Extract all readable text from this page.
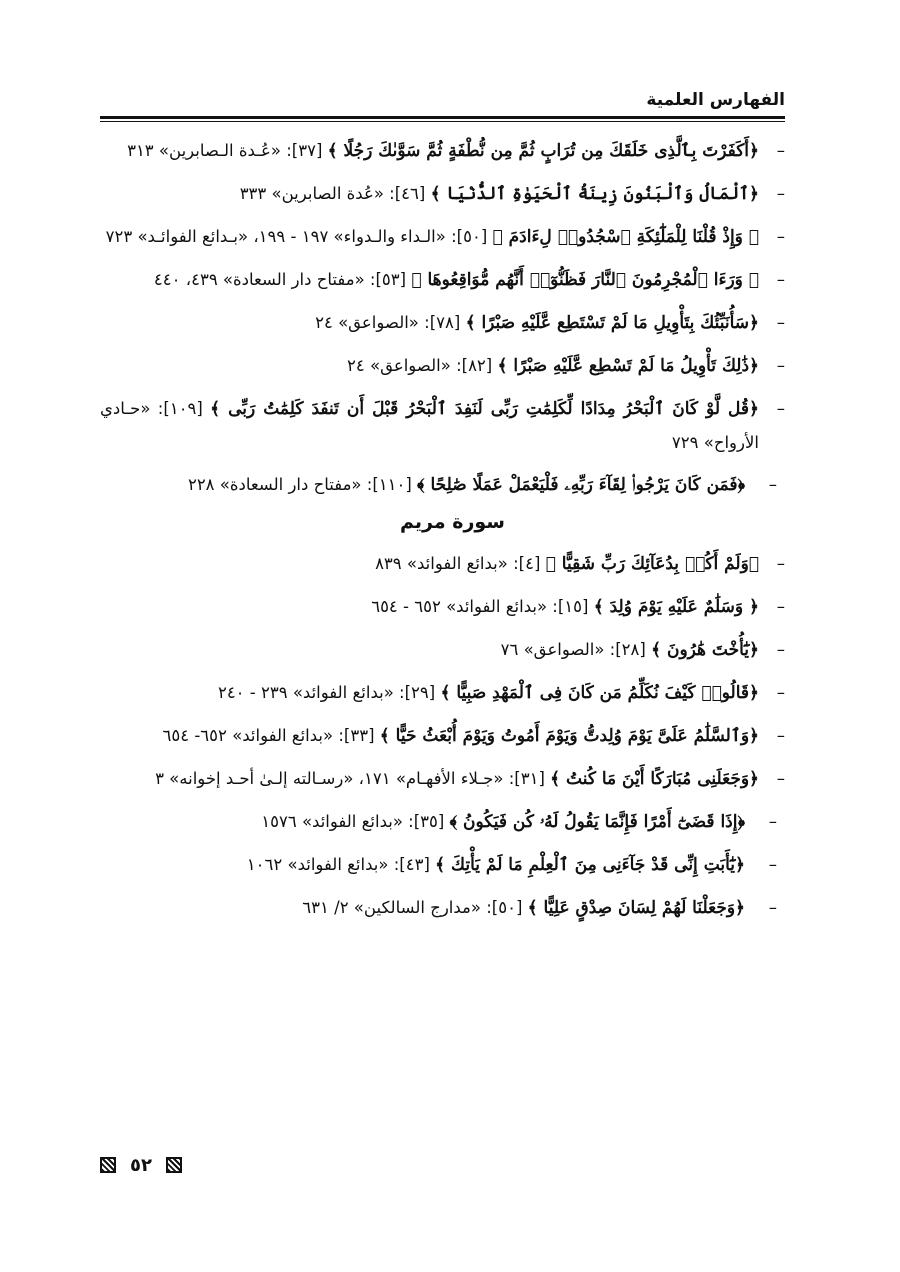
الفهارس العلمية
–
﴿أَكَفَرْتَ بِٱلَّذِى خَلَقَكَ مِن تُرَابٍ ثُمَّ مِن نُّطْفَةٍ ثُمَّ سَوَّىٰكَ رَجُلًا ﴾ [٣٧]: «عُـدة الـصابرين» ٣١٣
–
﴿ٱلْمَالُ وَٱلْبَنُونَ زِينَةُ ٱلْحَيَوٰةِ ٱلدُّنْيَا ﴾ [٤٦]: «عُدة الصابرين» ٣٣٣
–
﴿ وَإِذْ قُلْنَا لِلْمَلَٰٓئِكَةِ ٱسْجُدُوا۟ لِءَادَمَ ﴾ [٥٠]: «الـداء والـدواء» ١٩٧ - ١٩٩، «بـدائع الفوائـد» ٧٢٣
–
﴿ وَرَءَا ٱلْمُجْرِمُونَ ٱلنَّارَ فَظَنُّوٓا۟ أَنَّهُم مُّوَاقِعُوهَا ﴾ [٥٣]: «مفتاح دار السعادة» ٤٣٩، ٤٤٠
–
﴿سَأُنَبِّئُكَ بِتَأْوِيلِ مَا لَمْ تَسْتَطِع عَّلَيْهِ صَبْرًا ﴾ [٧٨]: «الصواعق» ٢٤
–
﴿ذَٰلِكَ تَأْوِيلُ مَا لَمْ تَسْطِع عَّلَيْهِ صَبْرًا ﴾ [٨٢]: «الصواعق» ٢٤
–
﴿قُل لَّوْ كَانَ ٱلْبَحْرُ مِدَادًا لِّكَلِمَٰتِ رَبِّى لَنَفِدَ ٱلْبَحْرُ قَبْلَ أَن تَنفَدَ كَلِمَٰتُ رَبِّى ﴾ [١٠٩]: «حـادي الأرواح» ٧٢٩
–
﴿فَمَن كَانَ يَرْجُوا۟ لِقَآءَ رَبِّهِۦ فَلْيَعْمَلْ عَمَلًا صَٰلِحًا ﴾ [١١٠]: «مفتاح دار السعادة» ٢٢٨
سورة مريم
–
﴿وَلَمْ أَكُنۢ بِدُعَآئِكَ رَبِّ شَقِيًّا ﴾ [٤]: «بدائع الفوائد» ٨٣٩
–
﴿ وَسَلَٰمٌ عَلَيْهِ يَوْمَ وُلِدَ ﴾ [١٥]: «بدائع الفوائد» ٦٥٢ - ٦٥٤
–
﴿يَٰٓأُخْتَ هَٰرُونَ ﴾ [٢٨]: «الصواعق» ٧٦
–
﴿قَالُوا۟ كَيْفَ نُكَلِّمُ مَن كَانَ فِى ٱلْمَهْدِ صَبِيًّا ﴾ [٢٩]: «بدائع الفوائد» ٢٣٩ - ٢٤٠
–
﴿وَٱلسَّلَٰمُ عَلَىَّ يَوْمَ وُلِدتُّ وَيَوْمَ أَمُوتُ وَيَوْمَ أُبْعَثُ حَيًّا ﴾ [٣٣]: «بدائع الفوائد» ٦٥٢- ٦٥٤
–
﴿وَجَعَلَنِى مُبَارَكًا أَيْنَ مَا كُنتُ ﴾ [٣١]: «جـلاء الأفهـام» ١٧١، «رسـالته إلـىٰ أحـد إخوانه» ٣
–
﴿إِذَا قَضَىٰٓ أَمْرًا فَإِنَّمَا يَقُولُ لَهُۥ كُن فَيَكُونُ ﴾ [٣٥]: «بدائع الفوائد» ١٥٧٦
–
﴿يَٰٓأَبَتِ إِنِّى قَدْ جَآءَنِى مِنَ ٱلْعِلْمِ مَا لَمْ يَأْتِكَ ﴾ [٤٣]: «بدائع الفوائد» ١٠٦٢
–
﴿وَجَعَلْنَا لَهُمْ لِسَانَ صِدْقٍ عَلِيًّا ﴾ [٥٠]: «مدارج السالكين» ٢/ ٦٣١
٥٢
